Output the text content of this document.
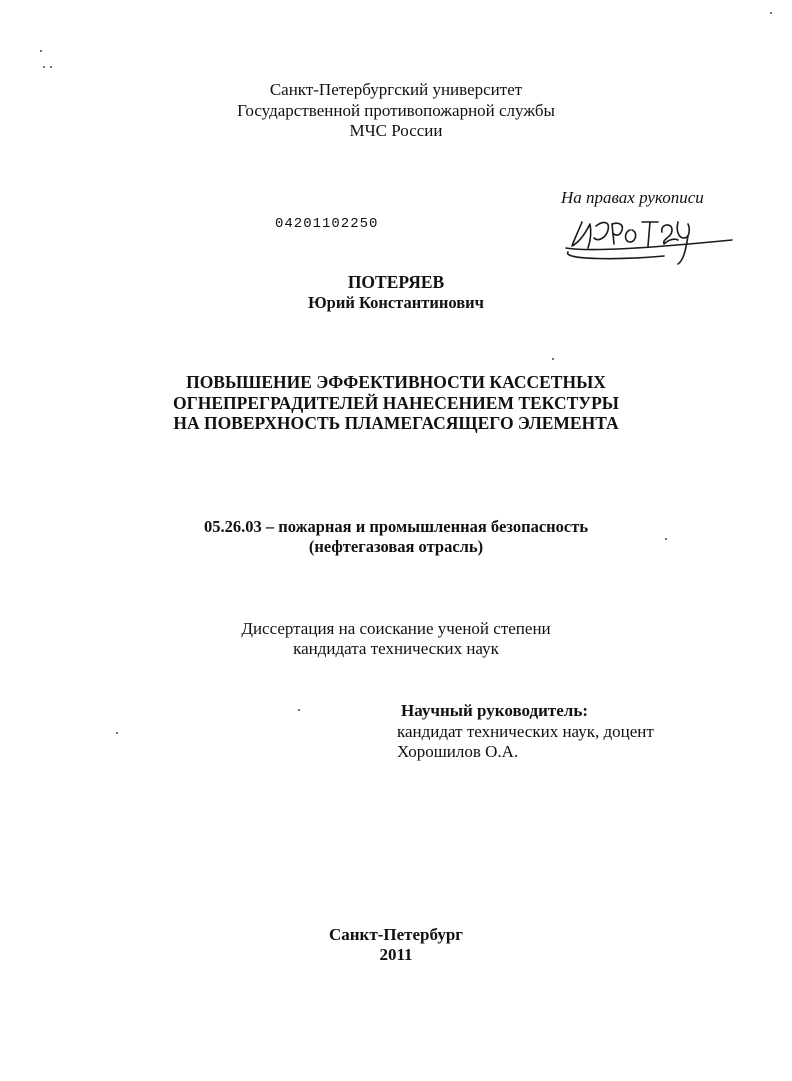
Санкт-Петербургский университет
Государственной противопожарной службы
МЧС России
На правах рукописи
04201102250
ПОТЕРЯЕВ
Юрий Константинович
ПОВЫШЕНИЕ ЭФФЕКТИВНОСТИ КАССЕТНЫХ
ОГНЕПРЕГРАДИТЕЛЕЙ НАНЕСЕНИЕМ ТЕКСТУРЫ
НА ПОВЕРХНОСТЬ ПЛАМЕГАСЯЩЕГО ЭЛЕМЕНТА
05.26.03 – пожарная и промышленная безопасность
(нефтегазовая отрасль)
Диссертация на соискание ученой степени
кандидата технических наук
Научный руководитель:
кандидат технических наук, доцент
Хорошилов О.А.
Санкт-Петербург
2011
